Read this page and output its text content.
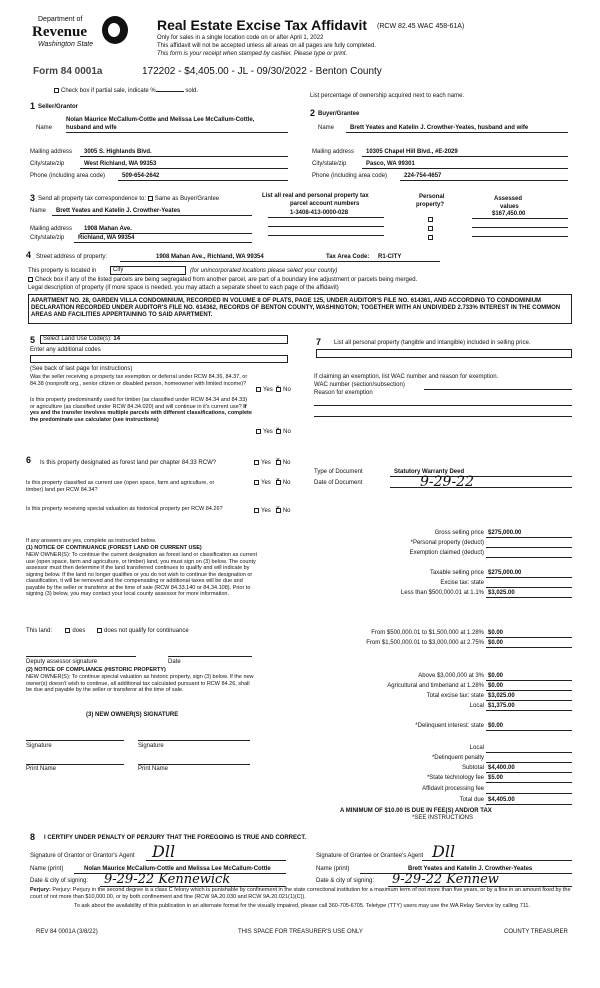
Department of
Revenue
Washington State
Real Estate Excise Tax Affidavit (RCW 82.45 WAC 458-61A)
Only for sales in a single location code on or after April 1, 2022
This affidavit will not be accepted unless all areas on all pages are fully completed.
This form is your receipt when stamped by cashier. Please type or print.
Form 84 0001a	172202 - $4,405.00 - JL - 09/30/2022 - Benton County
Check box if partial sale, indicate %	sold.
List percentage of ownership acquired next to each name.
1 Seller/Grantor
Nolan Maurice McCallum-Cottle and Melissa Lee McCallum-Cottle,
Name husband and wife
Mailing address 3005 S. Highlands Blvd.
City/state/zip	West Richland, WA 99353
Phone (including area code)	509-654-2642
2 Buyer/Grantee
Name	Brett Yeates and Katelin J. Crowther-Yeates, husband and wife
Mailing address 10305 Chapel Hill Blvd., #E-2029
City/state/zip	Pasco, WA 99301
Phone (including area code)	224-754-4657
3 Send all property tax correspondence to: Same as Buyer/Grantee
Name Brett Yeates and Katelin J. Crowther-Yeates
Mailing address 1908 Mahan Ave.
City/state/zip Richland, WA 99354
List all real and personal property tax
parcel account numbers
1-3408-413-0000-028
Personal
property?
Assessed
values
$167,450.00
4 Street address of property:	1908 Mahan Ave., Richland, WA 99354	Tax Area Code: R1-CITY
This property is located in	City	(for unincorporated locations please select your county)
Check box if any of the listed parcels are being segregated from another parcel, are part of a boundary line adjustment or parcels being merged.
Legal description of property (if more space is needed, you may attach a separate sheet to each page of the affidavit)
APARTMENT NO. 28, GARDEN VILLA CONDOMINIUM, RECORDED IN VOLUME 8 OF PLATS, PAGE 125, UNDER AUDITOR'S FILE NO. 614361, AND ACCORDING TO CONDOMINIUM DECLARATION RECORDED UNDER AUDITOR'S FILE NO. 614362, RECORDS OF BENTON COUNTY, WASHINGTON; TOGETHER WITH AN UNDIVIDED 2.733% INTEREST IN THE COMMON AREAS AND FACILITIES APPERTAINING TO SAID APARTMENT.
5	Select Land Use Code(s): 14
Enter any additional codes
(See back of last page for instructions)
Was the seller receiving a property tax exemption or deferral under RCW 84.36, 84.37, or 84.38 (nonprofit org., senior citizen or disabled person, homeowner with limited income)?
Yes × No
Is this property predominantly used for timber (as classified under RCW 84.34 and 84.33) or agriculture (as classified under RCW 84.34.020) and will continue in it's current use? If yes and the transfer involves multiple parcels with different classifications, complete the predominate use calculator (see instructions)
Yes × No
7 List all personal property (tangible and intangible) included in selling price.
If claiming an exemption, list WAC number and reason for exemption.
WAC number (section/subsection)
Reason for exemption
6 Is this property designated as forest land per chapter 84.33 RCW?	Yes × No
Is this property classified as current use (open space, farm and agriculture, or timber) land per RCW 84.34?
Yes × No
Is this property receiving special valuation as historical property per RCW 84.26?	Yes × No
Type of Document	Statutory Warranty Deed
Date of Document	9-29-22
If any answers are yes, complete as instructed below.
(1) NOTICE OF CONTINUANCE (FOREST LAND OR CURRENT USE)
NEW OWNER(S): To continue the current designation as forest land or classification as current use (open space, farm and agriculture, or timber) land, you must sign on (3) below. The county assessor must then determine if the land transferred continues to qualify and will indicate by signing below. If the land no longer qualifies or you do not wish to continue the designation or classification, it will be removed and the compensating or additional taxes will be due and payable by the seller or transferor at the time of sale (RCW 84.33.140 or 84.34.108). Prior to signing (3) below, you may contact your local county assessor for more information.
This land:	does	does not qualify for continuance
Deputy assessor signature	Date
(2) NOTICE OF COMPLIANCE (HISTORIC PROPERTY)
NEW OWNER(S): To continue special valuation as historic property, sign (3) below. If the new owner(s) doesn't wish to continue, all additional tax calculated pursuant to RCW 84.26, shall be due and payable by the seller or transferor at the time of sale.
(3) NEW OWNER(S) SIGNATURE
Signature	Signature
Print Name	Print Name
Gross selling price $275,000.00
*Personal property (deduct)
Exemption claimed (deduct)
Taxable selling price $275,000.00
Excise tax: state
Less than $500,000.01 at 1.1% $3,025.00
From $500,000.01 to $1,500,000 at 1.28% $0.00
From $1,500,000.01 to $3,000,000 at 2.75% $0.00
Above $3,000,000 at 3% $0.00
Agricultural and timberland at 1.28% $0.00
Total excise tax: state $3,025.00
Local $1,375.00
*Delinquent interest: state $0.00
Local
*Delinquent penalty
Subtotal $4,400.00
*State technology fee $5.00
Affidavit processing fee
Total due $4,405.00
A MINIMUM OF $10.00 IS DUE IN FEE(S) AND/OR TAX
*SEE INSTRUCTIONS
8 I CERTIFY UNDER PENALTY OF PERJURY THAT THE FOREGOING IS TRUE AND CORRECT.
Signature of Grantor or Grantor's Agent Dll	Signature of Grantee or Grantee's Agent Dll
Name (print)	Nolan Maurice McCallum-Cottle and Melissa Lee McCallum-Cottle	Name (print)	Brett Yeates and Katelin J. Crowther-Yeates
Date & city of signing: 9-29-22 Kennewick	Date & city of signing: 9-29-22 Kennew
Perjury: Perjury: Perjury in the second degree is a class C felony which is punishable by confinement in the state correctional institution for a maximum term of not more than five years, or by a fine in an amount fixed by the court of not more than $10,000.00, or by both confinement and fine (RCW 9A.20.030 and RCW 9A.20.021(1)(C)).
To ask about the availability of this publication in an alternate format for the visually impaired, please call 360-705-6705. Teletype (TTY) users may use the WA Relay Service by calling 711.
REV 84 0001A (3/8/22)	THIS SPACE FOR TREASURER'S USE ONLY	COUNTY TREASURER
